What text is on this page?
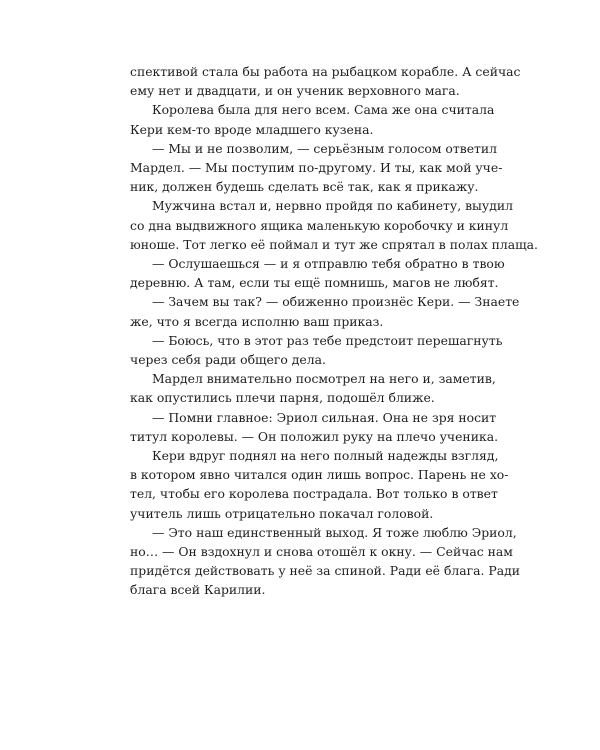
спективой стала бы работа на рыбацком корабле. А сейчас
ему нет и двадцати, и он ученик верховного мага.

Королева была для него всем. Сама же она считала
Кери кем-то вроде младшего кузена.

— Мы и не позволим, — серьёзным голосом ответил
Мардел. — Мы поступим по-другому. И ты, как мой уче-
ник, должен будешь сделать всё так, как я прикажу.

Мужчина встал и, нервно пройдя по кабинету, выудил
со дна выдвижного ящика маленькую коробочку и кинул
юноше. Тот легко её поймал и тут же спрятал в полах плаща.

— Ослушаешься — и я отправлю тебя обратно в твою
деревню. А там, если ты ещё помнишь, магов не любят.

— Зачем вы так? — обиженно произнёс Кери. — Знаете
же, что я всегда исполню ваш приказ.

— Боюсь, что в этот раз тебе предстоит перешагнуть
через себя ради общего дела.

Мардел внимательно посмотрел на него и, заметив,
как опустились плечи парня, подошёл ближе.

— Помни главное: Эриол сильная. Она не зря носит
титул королевы. — Он положил руку на плечо ученика.

Кери вдруг поднял на него полный надежды взгляд,
в котором явно читался один лишь вопрос. Парень не хо-
тел, чтобы его королева пострадала. Вот только в ответ
учитель лишь отрицательно покачал головой.

— Это наш единственный выход. Я тоже люблю Эриол,
но… — Он вздохнул и снова отошёл к окну. — Сейчас нам
придётся действовать у неё за спиной. Ради её блага. Ради
блага всей Карилии.
